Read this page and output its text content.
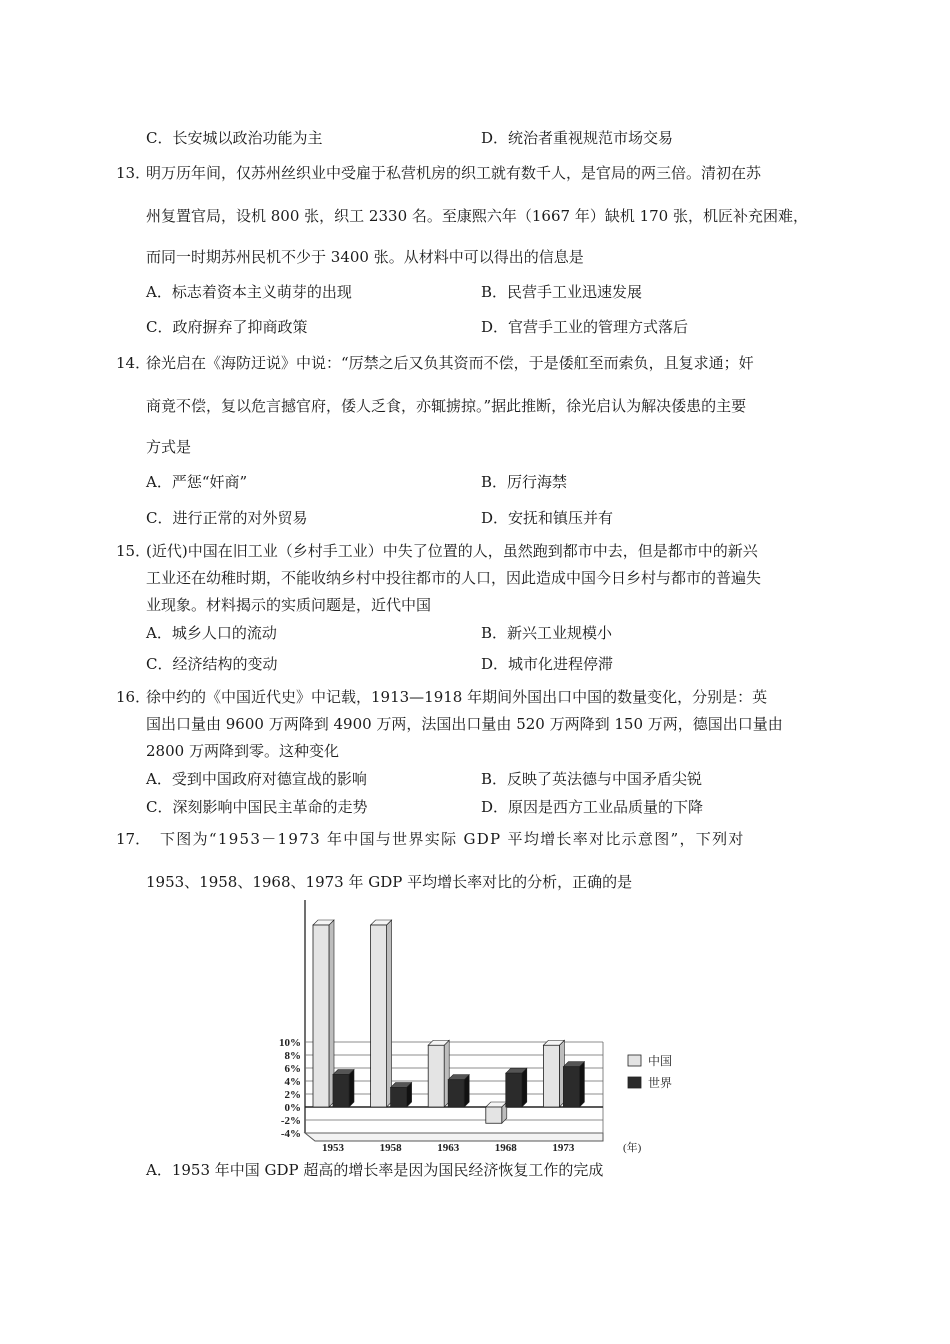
C．长安城以政治功能为主	D．统治者重视规范市场交易
13．
明万历年间，仅苏州丝织业中受雇于私营机房的织工就有数千人，是官局的两三倍。清初在苏
州复置官局，设机 800 张，织工 2330 名。至康熙六年（1667 年）缺机 170 张，机匠补充困难，
而同一时期苏州民机不少于 3400 张。从材料中可以得出的信息是
A．标志着资本主义萌芽的出现	B．民营手工业迅速发展
C．政府摒弃了抑商政策	D．官营手工业的管理方式落后
14．
徐光启在《海防迂说》中说：“厉禁之后又负其资而不偿，于是倭舡至而索负，且复求通；奸
商竟不偿，复以危言撼官府，倭人乏食，亦辄掳掠。”据此推断，徐光启认为解决倭患的主要
方式是
A．严惩“奸商”	B．厉行海禁
C．进行正常的对外贸易	D．安抚和镇压并有
15．
(近代)中国在旧工业（乡村手工业）中失了位置的人，虽然跑到都市中去，但是都市中的新兴
工业还在幼稚时期，不能收纳乡村中投往都市的人口，因此造成中国今日乡村与都市的普遍失
业现象。材料揭示的实质问题是，近代中国
A．城乡人口的流动	B．新兴工业规模小
C．经济结构的变动	D．城市化进程停滞
16．
徐中约的《中国近代史》中记载，1913—1918 年期间外国出口中国的数量变化，分别是：英
国出口量由 9600 万两降到 4900 万两，法国出口量由 520 万两降到 150 万两，德国出口量由
2800 万两降到零。这种变化
A．受到中国政府对德宣战的影响	B．反映了英法德与中国矛盾尖锐
C．深刻影响中国民主革命的走势	D．原因是西方工业品质量的下降
17． 下图为“1953－1973 年中国与世界实际 GDP 平均增长率对比示意图”，下列对
1953、1958、1968、1973 年 GDP 平均增长率对比的分析，正确的是
10%
8%
6%
4%
2%
0%
-2%
-4%
1953	1958	1963	1968	1973	(年)
中国
世界
A．1953 年中国 GDP 超高的增长率是因为国民经济恢复工作的完成
